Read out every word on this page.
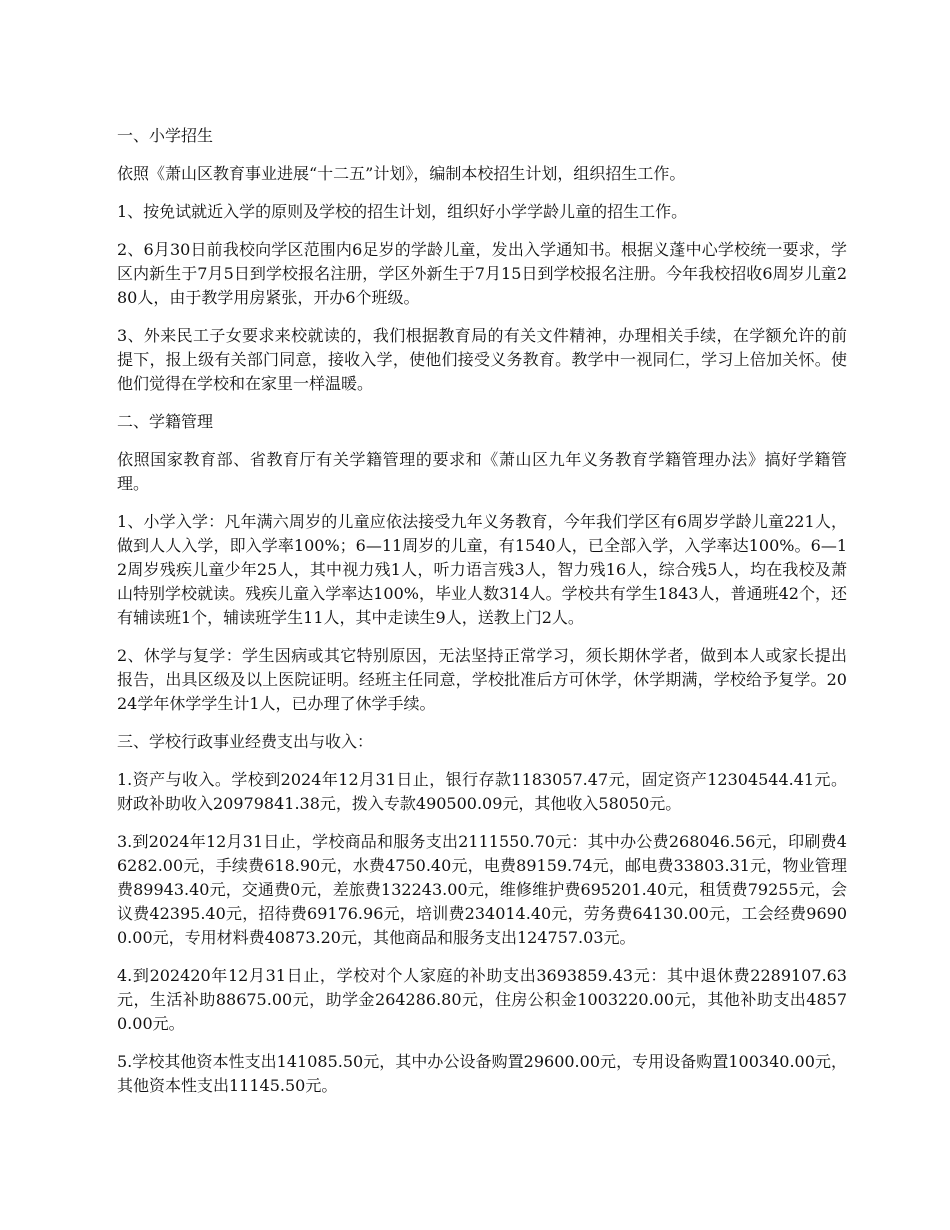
一、小学招生

依照《萧山区教育事业进展“十二五”计划》，编制本校招生计划，组织招生工作。

1、按免试就近入学的原则及学校的招生计划，组织好小学学龄儿童的招生工作。

2、6月30日前我校向学区范围内6足岁的学龄儿童，发出入学通知书。根据义蓬中心学校统一要求，学区内新生于7月5日到学校报名注册，学区外新生于7月15日到学校报名注册。今年我校招收6周岁儿童280人，由于教学用房紧张，开办6个班级。

3、外来民工子女要求来校就读的，我们根据教育局的有关文件精神，办理相关手续，在学额允许的前提下，报上级有关部门同意，接收入学，使他们接受义务教育。教学中一视同仁，学习上倍加关怀。使他们觉得在学校和在家里一样温暖。

二、学籍管理

依照国家教育部、省教育厅有关学籍管理的要求和《萧山区九年义务教育学籍管理办法》搞好学籍管理。

1、小学入学：凡年满六周岁的儿童应依法接受九年义务教育，今年我们学区有6周岁学龄儿童221人，做到人人入学，即入学率100%；6—11周岁的儿童，有1540人，已全部入学，入学率达100%。6—12周岁残疾儿童少年25人，其中视力残1人，听力语言残3人，智力残16人，综合残5人，均在我校及萧山特别学校就读。残疾儿童入学率达100%，毕业人数314人。学校共有学生1843人，普通班42个，还有辅读班1个，辅读班学生11人，其中走读生9人，送教上门2人。

2、休学与复学：学生因病或其它特别原因，无法坚持正常学习，须长期休学者，做到本人或家长提出报告，出具区级及以上医院证明。经班主任同意，学校批准后方可休学，休学期满，学校给予复学。2024学年休学学生计1人，已办理了休学手续。

三、学校行政事业经费支出与收入：

1.资产与收入。学校到2024年12月31日止，银行存款1183057.47元，固定资产12304544.41元。财政补助收入20979841.38元，拨入专款490500.09元，其他收入58050元。

3.到2024年12月31日止，学校商品和服务支出2111550.70元：其中办公费268046.56元，印刷费46282.00元，手续费618.90元，水费4750.40元，电费89159.74元，邮电费33803.31元，物业管理费89943.40元，交通费0元，差旅费132243.00元，维修维护费695201.40元，租赁费79255元，会议费42395.40元，招待费69176.96元，培训费234014.40元，劳务费64130.00元，工会经费96900.00元，专用材料费40873.20元，其他商品和服务支出124757.03元。

4.到202420年12月31日止，学校对个人家庭的补助支出3693859.43元：其中退休费2289107.63元，生活补助88675.00元，助学金264286.80元，住房公积金1003220.00元，其他补助支出48570.00元。

5.学校其他资本性支出141085.50元，其中办公设备购置29600.00元，专用设备购置100340.00元，其他资本性支出11145.50元。
